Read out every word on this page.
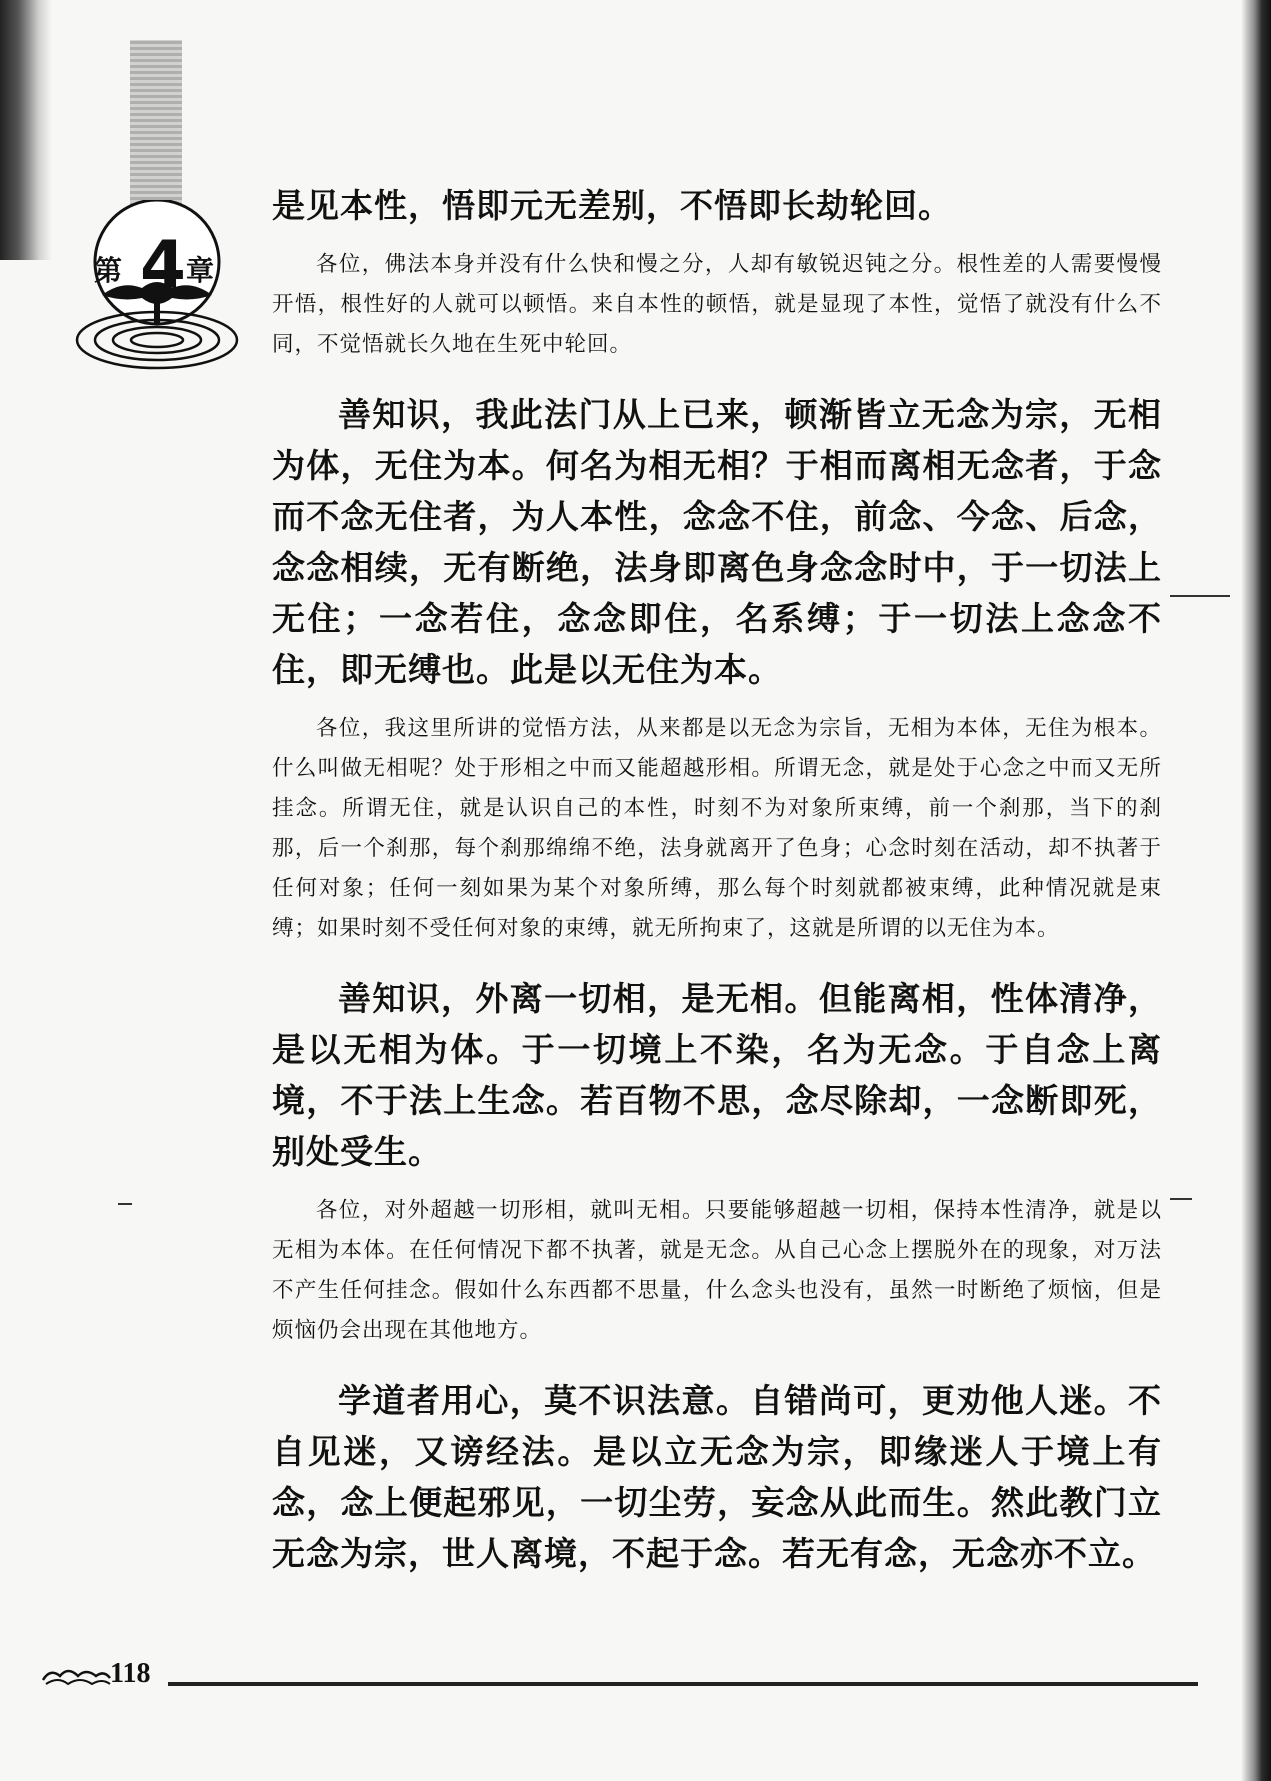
第 4 章

是见本性，悟即元无差别，不悟即长劫轮回。

各位，佛法本身并没有什么快和慢之分，人却有敏锐迟钝之分。根性差的人需要慢慢开悟，根性好的人就可以顿悟。来自本性的顿悟，就是显现了本性，觉悟了就没有什么不同，不觉悟就长久地在生死中轮回。

善知识，我此法门从上已来，顿渐皆立无念为宗，无相为体，无住为本。何名为相无相？于相而离相无念者，于念而不念无住者，为人本性，念念不住，前念、今念、后念，念念相续，无有断绝，法身即离色身念念时中，于一切法上无住；一念若住，念念即住，名系缚；于一切法上念念不住，即无缚也。此是以无住为本。

各位，我这里所讲的觉悟方法，从来都是以无念为宗旨，无相为本体，无住为根本。什么叫做无相呢？处于形相之中而又能超越形相。所谓无念，就是处于心念之中而又无所挂念。所谓无住，就是认识自己的本性，时刻不为对象所束缚，前一个刹那，当下的刹那，后一个刹那，每个刹那绵绵不绝，法身就离开了色身；心念时刻在活动，却不执著于任何对象；任何一刻如果为某个对象所缚，那么每个时刻就都被束缚，此种情况就是束缚；如果时刻不受任何对象的束缚，就无所拘束了，这就是所谓的以无住为本。

善知识，外离一切相，是无相。但能离相，性体清净，是以无相为体。于一切境上不染，名为无念。于自念上离境，不于法上生念。若百物不思，念尽除却，一念断即死，别处受生。

各位，对外超越一切形相，就叫无相。只要能够超越一切相，保持本性清净，就是以无相为本体。在任何情况下都不执著，就是无念。从自己心念上摆脱外在的现象，对万法不产生任何挂念。假如什么东西都不思量，什么念头也没有，虽然一时断绝了烦恼，但是烦恼仍会出现在其他地方。

学道者用心，莫不识法意。自错尚可，更劝他人迷。不自见迷，又谤经法。是以立无念为宗，即缘迷人于境上有念，念上便起邪见，一切尘劳，妄念从此而生。然此教门立无念为宗，世人离境，不起于念。若无有念，无念亦不立。

118
